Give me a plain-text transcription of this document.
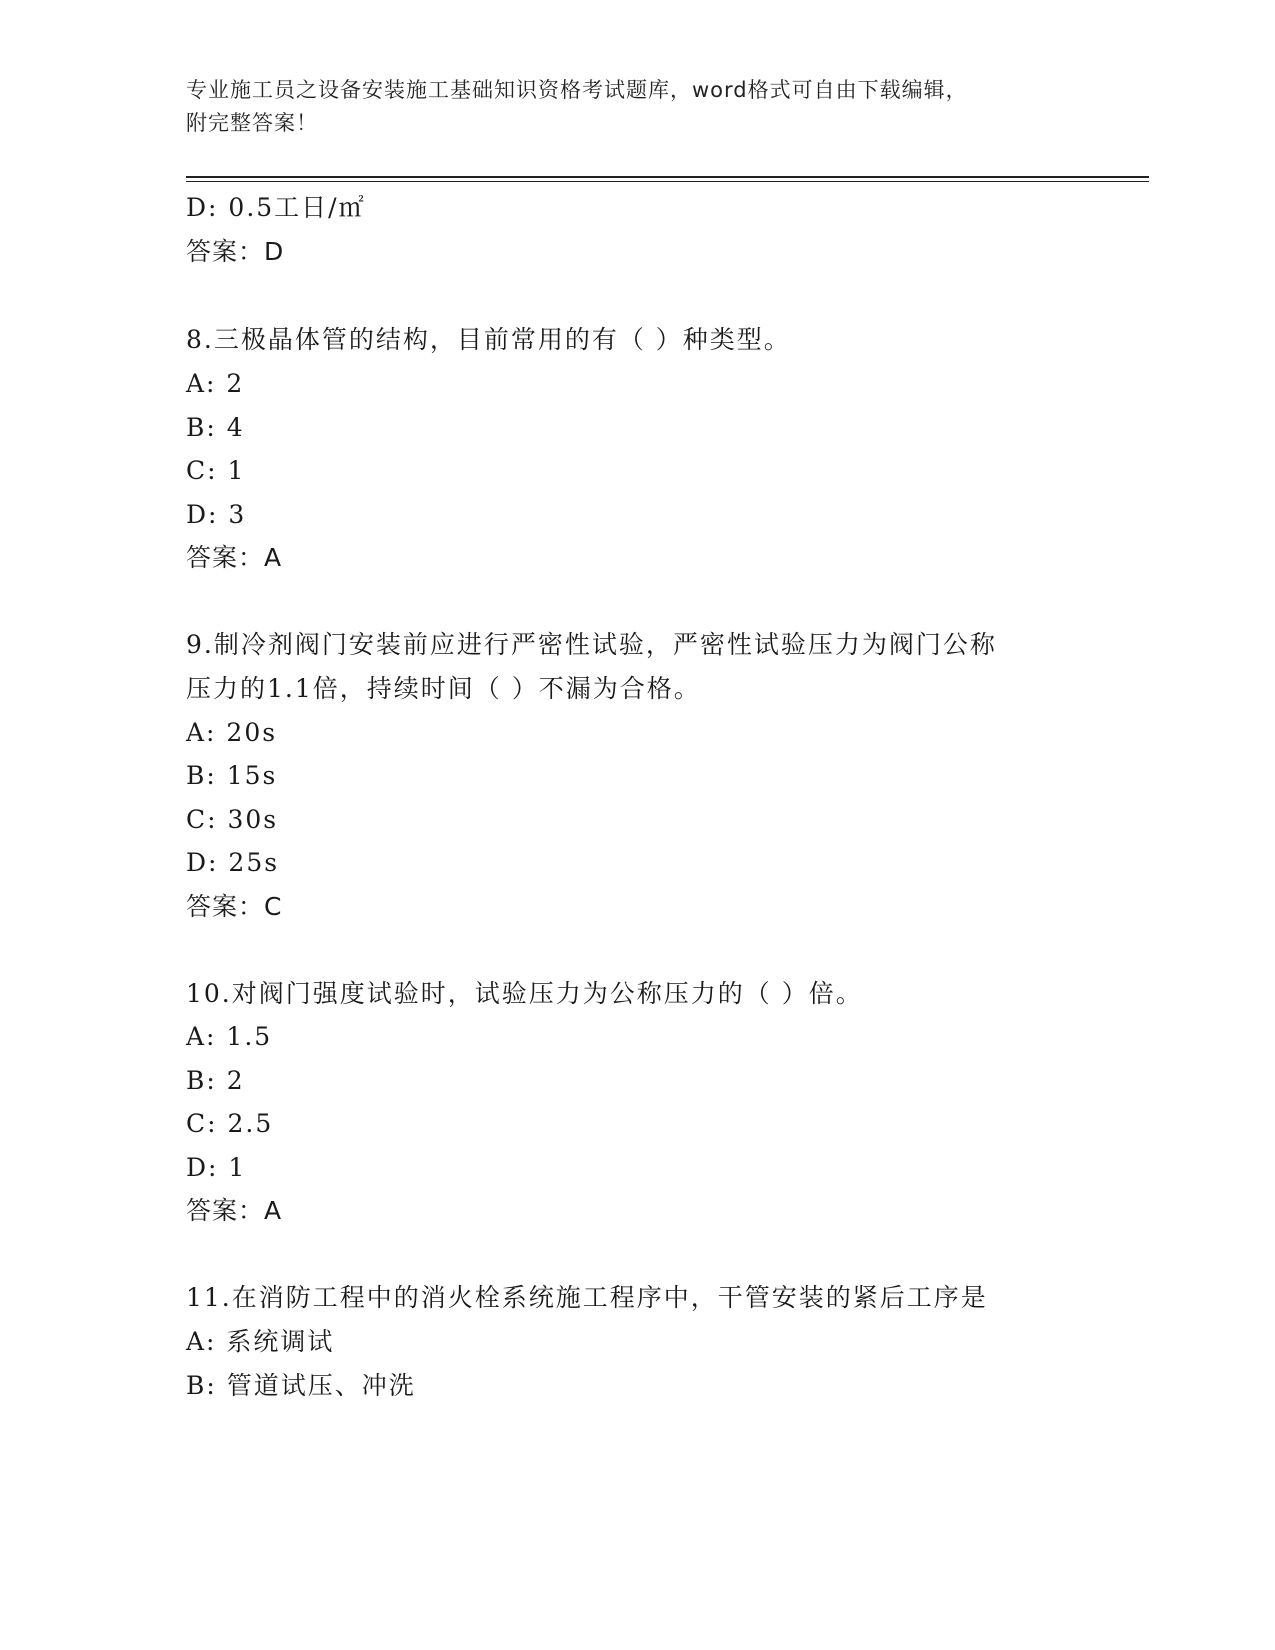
专业施工员之设备安装施工基础知识资格考试题库，word格式可自由下载编辑，
附完整答案！
D: 0.5工日/㎡
答案：D
8.三极晶体管的结构，目前常用的有（ ）种类型。
A: 2
B: 4
C: 1
D: 3
答案：A
9.制冷剂阀门安装前应进行严密性试验，严密性试验压力为阀门公称
压力的1.1倍，持续时间（ ）不漏为合格。
A: 20s
B: 15s
C: 30s
D: 25s
答案：C
10.对阀门强度试验时，试验压力为公称压力的（ ）倍。
A: 1.5
B: 2
C: 2.5
D: 1
答案：A
11.在消防工程中的消火栓系统施工程序中，干管安装的紧后工序是
A: 系统调试
B: 管道试压、冲洗
